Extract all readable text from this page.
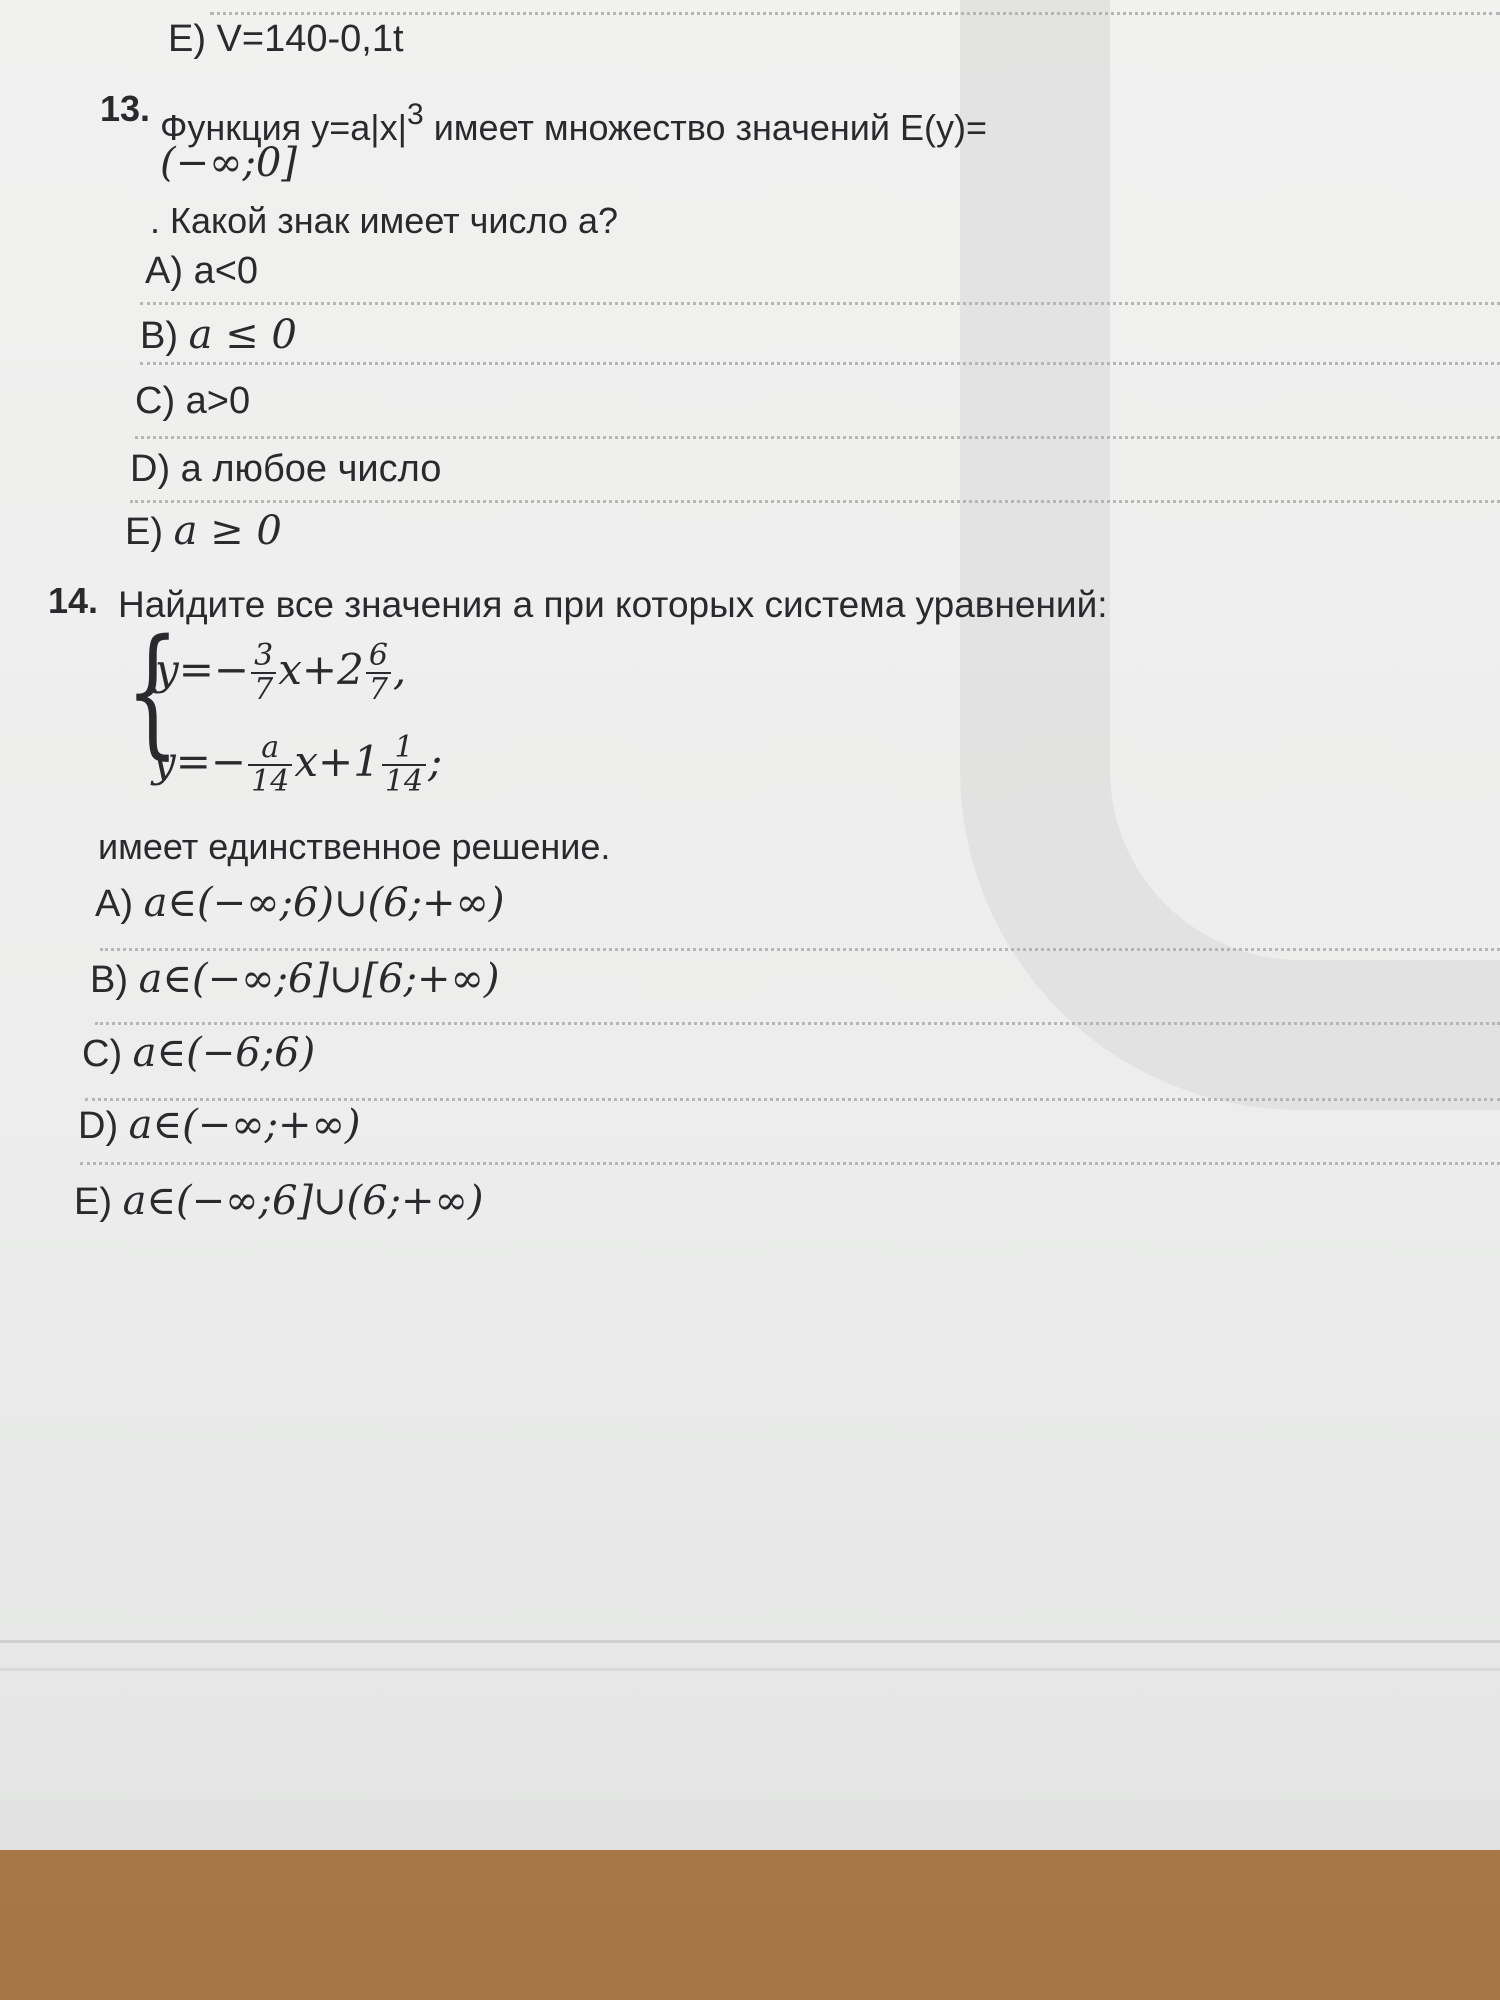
E) V=140-0,1t
13. Функция $y=a|x|^3$ имеет множество значений E(y)=
(−∞;0]
. Какой знак имеет число a?
A) a<0
B) a ≤ 0
C) a>0
D) a любое число
E) a ≥ 0
14. Найдите все значения a при которых система уравнений:
{
$y=- \frac{3}{7} x+2 \frac{6}{7}$ ,
$y=- \frac{a}{14} x+1 \frac{1}{14}$ ;
имеет единственное решение.
A) a∈(−∞;6)∪(6;+∞)
B) a∈(−∞;6]∪[6;+∞)
C) a∈(−6;6)
D) a∈(−∞;+∞)
E) a∈(−∞;6]∪(6;+∞)
